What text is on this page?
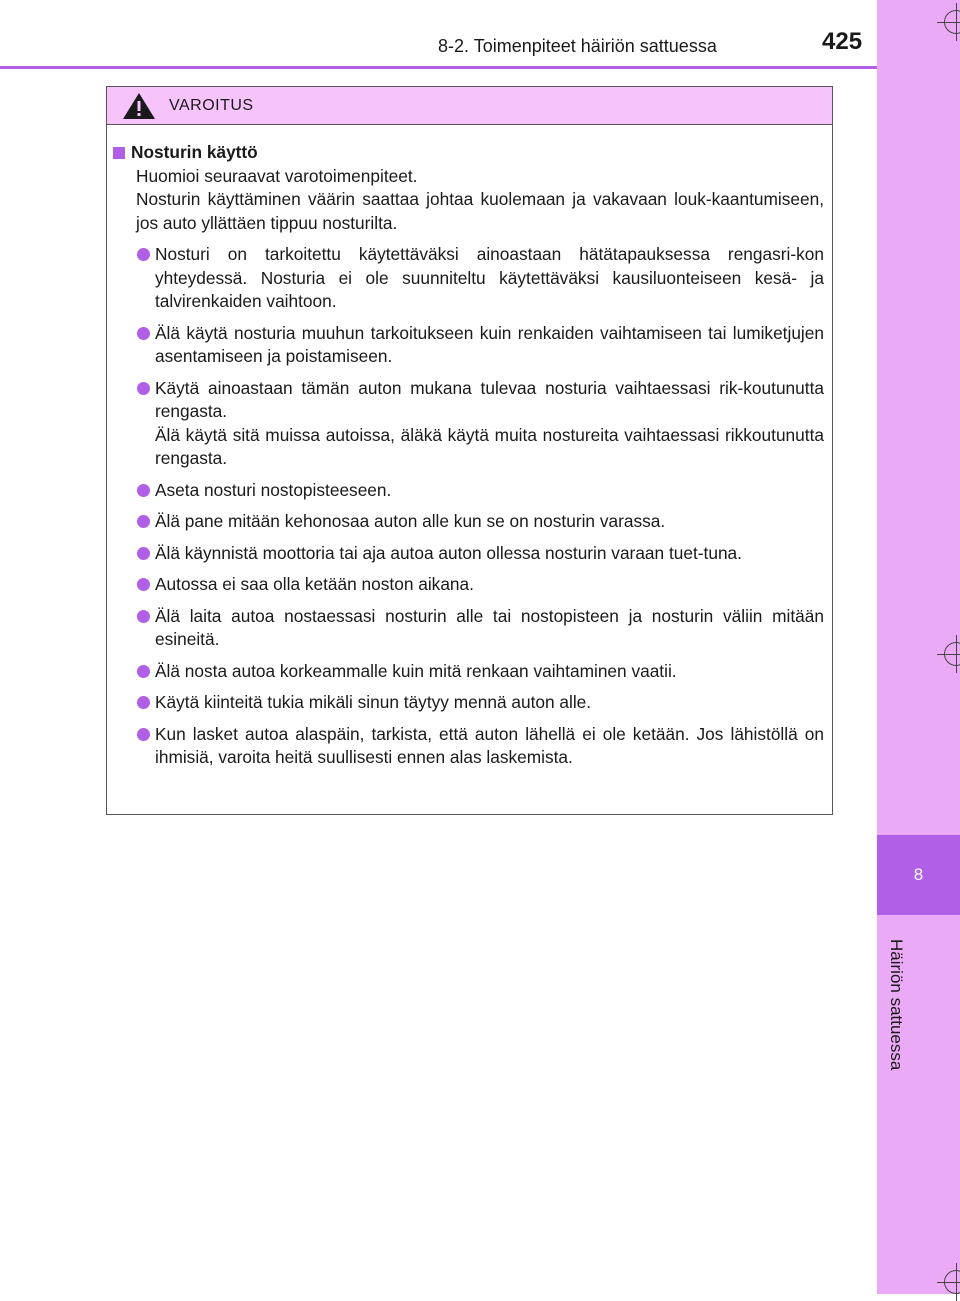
8
Häiriön sattuessa
8-2. Toimenpiteet häiriön sattuessa	425
VAROITUS
Nosturin käyttö
Huomioi seuraavat varotoimenpiteet.
Nosturin käyttäminen väärin saattaa johtaa kuolemaan ja vakavaan louk-kaantumiseen, jos auto yllättäen tippuu nosturilta.
Nosturi on tarkoitettu käytettäväksi ainoastaan hätätapauksessa rengasri-kon yhteydessä. Nosturia ei ole suunniteltu käytettäväksi kausiluonteiseen kesä- ja talvirenkaiden vaihtoon.
Älä käytä nosturia muuhun tarkoitukseen kuin renkaiden vaihtamiseen tai lumiketjujen asentamiseen ja poistamiseen.
Käytä ainoastaan tämän auton mukana tulevaa nosturia vaihtaessasi rik-koutunutta rengasta.
Älä käytä sitä muissa autoissa, äläkä käytä muita nostureita vaihtaessasi rikkoutunutta rengasta.
Aseta nosturi nostopisteeseen.
Älä pane mitään kehonosaa auton alle kun se on nosturin varassa.
Älä käynnistä moottoria tai aja autoa auton ollessa nosturin varaan tuet-tuna.
Autossa ei saa olla ketään noston aikana.
Älä laita autoa nostaessasi nosturin alle tai nostopisteen ja nosturin väliin mitään esineitä.
Älä nosta autoa korkeammalle kuin mitä renkaan vaihtaminen vaatii.
Käytä kiinteitä tukia mikäli sinun täytyy mennä auton alle.
Kun lasket autoa alaspäin, tarkista, että auton lähellä ei ole ketään. Jos lähistöllä on ihmisiä, varoita heitä suullisesti ennen alas laskemista.
